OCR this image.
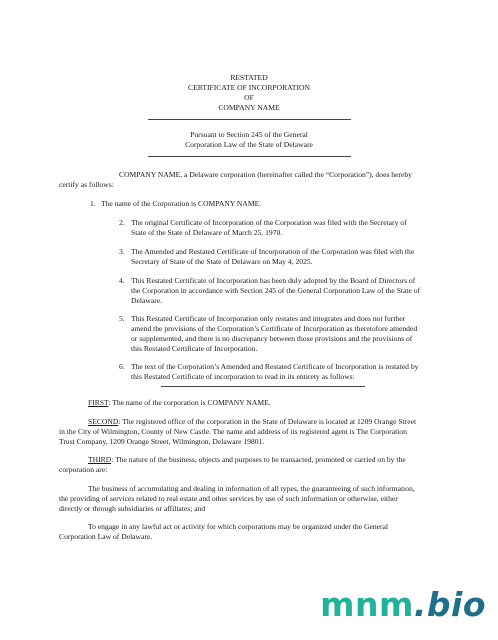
RESTATED
CERTIFICATE OF INCORPORATION
OF
COMPANY NAME
Pursuant to Section 245 of the General
Corporation Law of the State of Delaware
COMPANY NAME, a Delaware corporation (hereinafter called the “Corporation”), does hereby
certify as follows:
1. The name of the Corporation is COMPANY NAME.
2. The original Certificate of Incorporation of the Corporation was filed with the Secretary of
State of the State of Delaware of March 25, 1970.
3. The Amended and Restated Certificate of Incorporation of the Corporation was filed with the
Secretary of State of the State of Delaware on May 4, 2025.
4. This Restated Certificate of Incorporation has been duly adopted by the Board of Directors of
the Corporation in accordance with Section 245 of the General Corporation Law of the State of
Delaware.
5. This Restated Certificate of Incorporation only restates and integrates and does not further
amend the provisions of the Corporation’s Certificate of Incorporation as theretofore amended
or supplemented, and there is no discrepancy between those provisions and the provisions of
this Restated Certificate of Incorporation.
6. The text of the Corporation’s Amended and Restated Certificate of Incorporation is restated by
this Restated Certificate of incorporation to read in its entirety as follows:
FIRST: The name of the corporation is COMPANY NAME.
SECOND: The registered office of the corporation in the State of Delaware is located at 1209 Orange Street
in the City of Wilmington, County of New Castle. The name and address of its registered agent is The Corporation
Trust Company, 1209 Orange Street, Wilmington, Delaware 19801.
THIRD: The nature of the business, objects and purposes to be transacted, promoted or carried on by the
corporation are:
The business of accumulating and dealing in information of all types, the guaranteeing of such information,
the providing of services related to real estate and other services by use of such information or otherwise, either
directly or through subsidiaries or affiliates; and
To engage in any lawful act or activity for which corporations may be organized under the General
Corporation Law of Delaware.
mnm.bio
